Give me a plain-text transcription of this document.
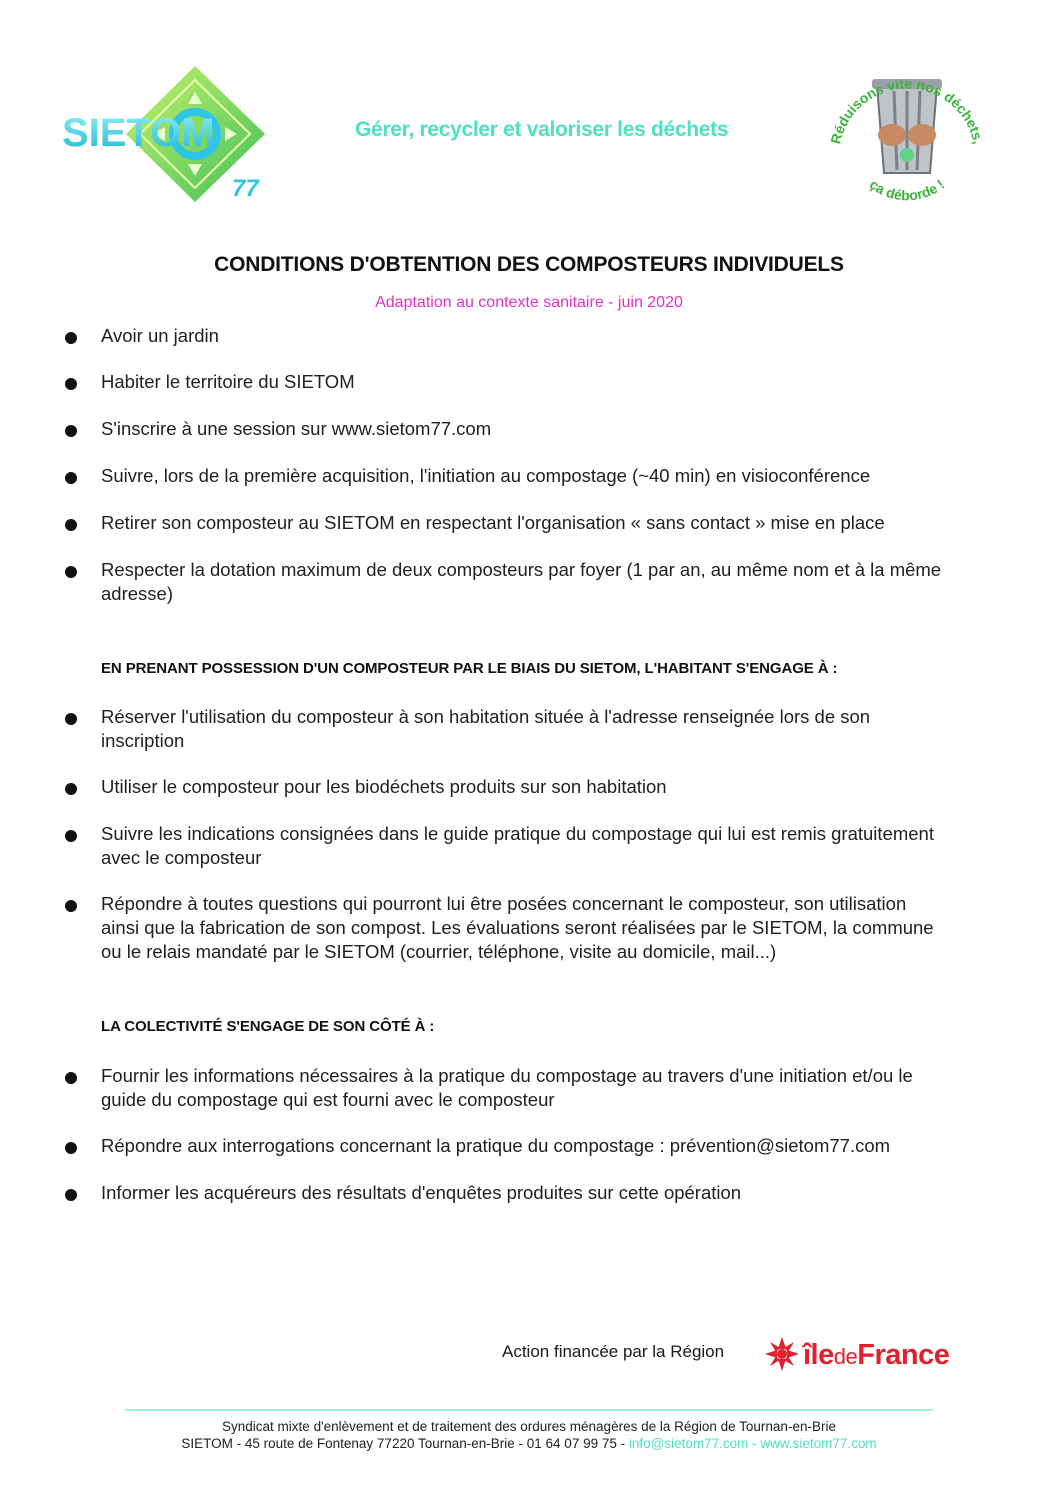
SIETOM
77
Gérer, recycler et valoriser les déchets	Réduisons vite nos déchets,
ça déborde !
CONDITIONS D'OBTENTION DES COMPOSTEURS INDIVIDUELS
Adaptation au contexte sanitaire - juin 2020
Avoir un jardin
Habiter le territoire du SIETOM
S'inscrire à une session sur www.sietom77.com
Suivre, lors de la première acquisition, l'initiation au compostage (~40 min) en visioconférence
Retirer son composteur au SIETOM en respectant l'organisation « sans contact » mise en place
Respecter la dotation maximum de deux composteurs par foyer (1 par an, au même nom et à la même adresse)
EN PRENANT POSSESSION D'UN COMPOSTEUR PAR LE BIAIS DU SIETOM, L'HABITANT S'ENGAGE À :
Réserver l'utilisation du composteur à son habitation située à l'adresse renseignée lors de son inscription
Utiliser le composteur pour les biodéchets produits sur son habitation
Suivre les indications consignées dans le guide pratique du compostage qui lui est remis gratuitement avec le composteur
Répondre à toutes questions qui pourront lui être posées concernant le composteur, son utilisation ainsi que la fabrication de son compost. Les évaluations seront réalisées par le SIETOM, la commune ou le relais mandaté par le SIETOM (courrier, téléphone, visite au domicile, mail...)
LA COLECTIVITÉ S'ENGAGE DE SON CÔTÉ À :
Fournir les informations nécessaires à la pratique du compostage au travers d'une initiation et/ou le guide du compostage qui est fourni avec le composteur
Répondre aux interrogations concernant la pratique du compostage : prévention@sietom77.com
Informer les acquéreurs des résultats d'enquêtes produites sur cette opération
Action financée par la Région	îledeFrance
Syndicat mixte d'enlèvement et de traitement des ordures ménagères de la Région de Tournan-en-Brie
SIETOM - 45 route de Fontenay 77220 Tournan-en-Brie - 01 64 07 99 75 - info@sietom77.com - www.sietom77.com
